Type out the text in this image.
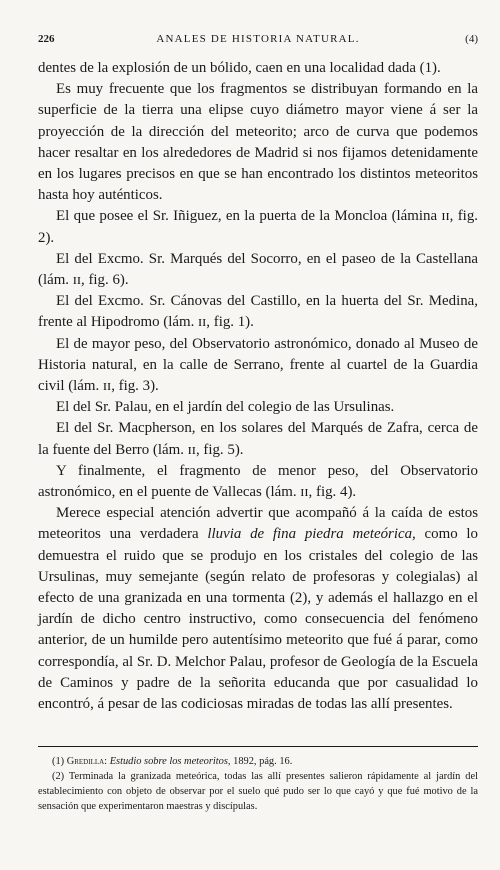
226	ANALES DE HISTORIA NATURAL.	(4)

dentes de la explosión de un bólido, caen en una localidad dada (1).

Es muy frecuente que los fragmentos se distribuyan formando en la superficie de la tierra una elipse cuyo diámetro mayor viene á ser la proyección de la dirección del meteorito; arco de curva que podemos hacer resaltar en los alrededores de Madrid si nos fijamos detenidamente en los lugares precisos en que se han encontrado los distintos meteoritos hasta hoy auténticos.

El que posee el Sr. Iñiguez, en la puerta de la Moncloa (lámina ɪɪ, fig. 2).

El del Excmo. Sr. Marqués del Socorro, en el paseo de la Castellana (lám. ɪɪ, fig. 6).

El del Excmo. Sr. Cánovas del Castillo, en la huerta del Sr. Medina, frente al Hipodromo (lám. ɪɪ, fig. 1).

El de mayor peso, del Observatorio astronómico, donado al Museo de Historia natural, en la calle de Serrano, frente al cuartel de la Guardia civil (lám. ɪɪ, fig. 3).

El del Sr. Palau, en el jardín del colegio de las Ursulinas.

El del Sr. Macpherson, en los solares del Marqués de Zafra, cerca de la fuente del Berro (lám. ɪɪ, fig. 5).

Y finalmente, el fragmento de menor peso, del Observatorio astronómico, en el puente de Vallecas (lám. ɪɪ, fig. 4).

Merece especial atención advertir que acompañó á la caída de estos meteoritos una verdadera lluvia de fina piedra meteórica, como lo demuestra el ruido que se produjo en los cristales del colegio de las Ursulinas, muy semejante (según relato de profesoras y colegialas) al efecto de una granizada en una tormenta (2), y además el hallazgo en el jardín de dicho centro instructivo, como consecuencia del fenómeno anterior, de un humilde pero autentísimo meteorito que fué á parar, como correspondía, al Sr. D. Melchor Palau, profesor de Geología de la Escuela de Caminos y padre de la señorita educanda que por casualidad lo encontró, á pesar de las codiciosas miradas de todas las allí presentes.

(1) Gredilla: Estudio sobre los meteoritos, 1892, pág. 16.

(2) Terminada la granizada meteórica, todas las allí presentes salieron rápidamente al jardín del establecimiento con objeto de observar por el suelo qué pudo ser lo que cayó y que fué motivo de la sensación que experimentaron maestras y discípulas.
